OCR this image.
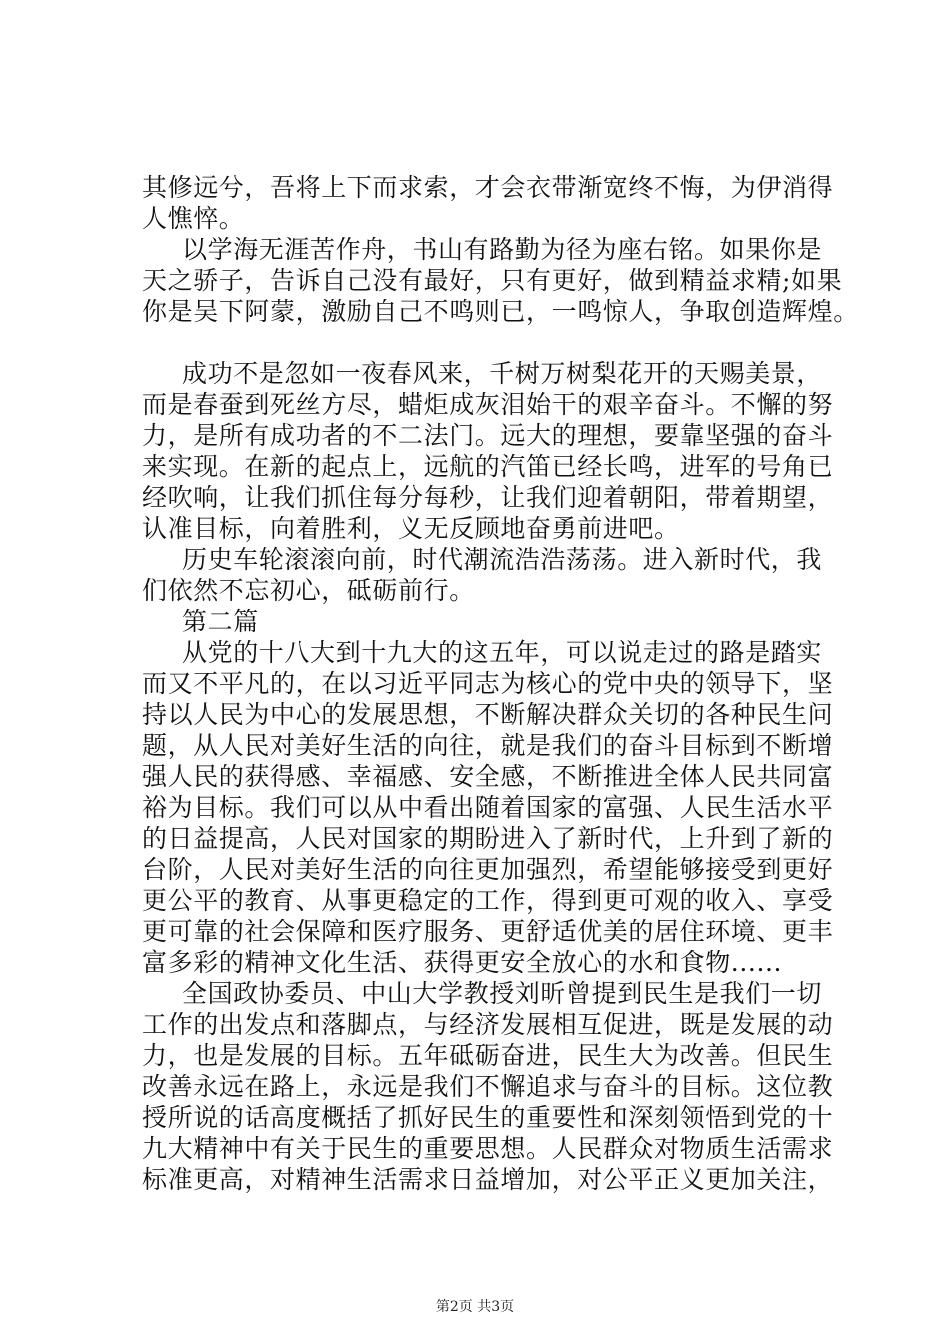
其修远兮，吾将上下而求索，才会衣带渐宽终不悔，为伊消得
人憔悴。
以学海无涯苦作舟，书山有路勤为径为座右铭。如果你是
天之骄子，告诉自己没有最好，只有更好，做到精益求精;如果
你是吴下阿蒙，激励自己不鸣则已，一鸣惊人，争取创造辉煌。
成功不是忽如一夜春风来，千树万树梨花开的天赐美景，
而是春蚕到死丝方尽，蜡炬成灰泪始干的艰辛奋斗。不懈的努
力，是所有成功者的不二法门。远大的理想，要靠坚强的奋斗
来实现。在新的起点上，远航的汽笛已经长鸣，进军的号角已
经吹响，让我们抓住每分每秒，让我们迎着朝阳，带着期望，
认准目标，向着胜利，义无反顾地奋勇前进吧。
历史车轮滚滚向前，时代潮流浩浩荡荡。进入新时代，我
们依然不忘初心，砥砺前行。
第二篇
从党的十八大到十九大的这五年，可以说走过的路是踏实
而又不平凡的，在以习近平同志为核心的党中央的领导下，坚
持以人民为中心的发展思想，不断解决群众关切的各种民生问
题，从人民对美好生活的向往，就是我们的奋斗目标到不断增
强人民的获得感、幸福感、安全感，不断推进全体人民共同富
裕为目标。我们可以从中看出随着国家的富强、人民生活水平
的日益提高，人民对国家的期盼进入了新时代，上升到了新的
台阶，人民对美好生活的向往更加强烈，希望能够接受到更好
更公平的教育、从事更稳定的工作，得到更可观的收入、享受
更可靠的社会保障和医疗服务、更舒适优美的居住环境、更丰
富多彩的精神文化生活、获得更安全放心的水和食物......
全国政协委员、中山大学教授刘昕曾提到民生是我们一切
工作的出发点和落脚点，与经济发展相互促进，既是发展的动
力，也是发展的目标。五年砥砺奋进，民生大为改善。但民生
改善永远在路上，永远是我们不懈追求与奋斗的目标。这位教
授所说的话高度概括了抓好民生的重要性和深刻领悟到党的十
九大精神中有关于民生的重要思想。人民群众对物质生活需求
标准更高，对精神生活需求日益增加，对公平正义更加关注，
第2页 共3页
